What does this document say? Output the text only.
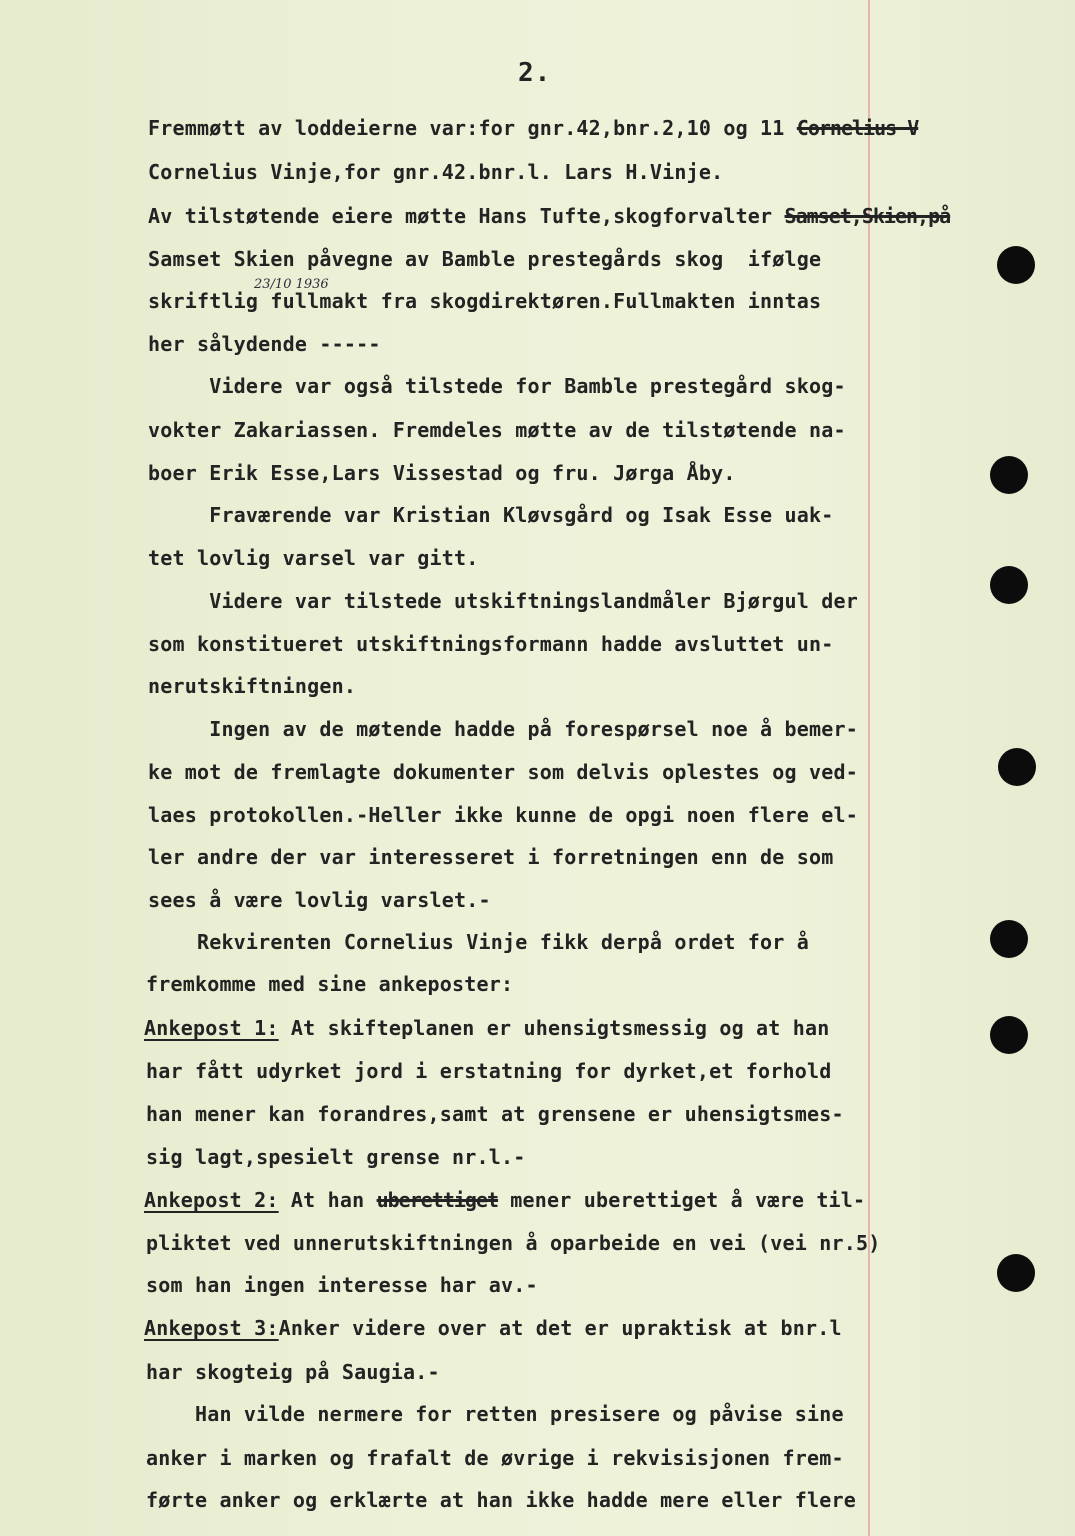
2.
23/10 1936
Fremmøtt av loddeierne var:for gnr.42,bnr.2,10 og 11 Cornelius V
Cornelius Vinje,for gnr.42.bnr.l. Lars H.Vinje.
Av tilstøtende eiere møtte Hans Tufte,skogforvalter Samset,Skien,på
Samset Skien påvegne av Bamble prestegårds skog  ifølge
skriftlig fullmakt fra skogdirektøren.Fullmakten inntas
her sålydende -----
Videre var også tilstede for Bamble prestegård skog-
vokter Zakariassen. Fremdeles møtte av de tilstøtende na-
boer Erik Esse,Lars Vissestad og fru. Jørga Åby.
Fraværende var Kristian Kløvsgård og Isak Esse uak-
tet lovlig varsel var gitt.
Videre var tilstede utskiftningslandmåler Bjørgul der
som konstitueret utskiftningsformann hadde avsluttet un-
nerutskiftningen.
Ingen av de møtende hadde på forespørsel noe å bemer-
ke mot de fremlagte dokumenter som delvis oplestes og ved-
laes protokollen.-Heller ikke kunne de opgi noen flere el-
ler andre der var interesseret i forretningen enn de som
sees å være lovlig varslet.-
Rekvirenten Cornelius Vinje fikk derpå ordet for å
fremkomme med sine ankeposter:
Ankepost 1: At skifteplanen er uhensigtsmessig og at han
har fått udyrket jord i erstatning for dyrket,et forhold
han mener kan forandres,samt at grensene er uhensigtsmes-
sig lagt,spesielt grense nr.l.-
Ankepost 2: At han uberettiget mener uberettiget å være til-
pliktet ved unnerutskiftningen å oparbeide en vei (vei nr.5)
som han ingen interesse har av.-
Ankepost 3:Anker videre over at det er upraktisk at bnr.l
har skogteig på Saugia.-
Han vilde nermere for retten presisere og påvise sine
anker i marken og frafalt de øvrige i rekvisisjonen frem-
førte anker og erklærte at han ikke hadde mere eller flere
